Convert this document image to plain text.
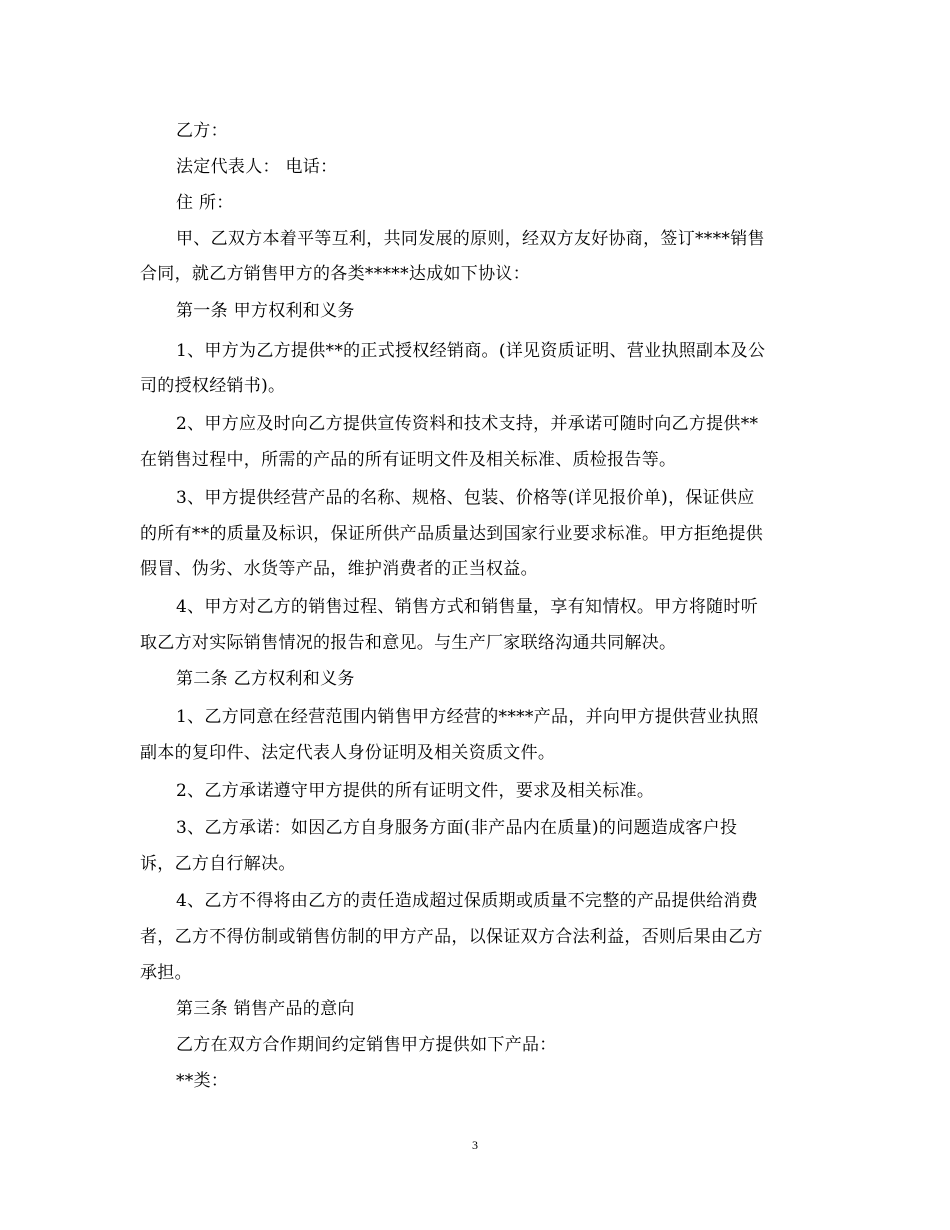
乙方：
法定代表人： 电话：
住 所：
甲、乙双方本着平等互利，共同发展的原则，经双方友好协商，签订****销售
合同，就乙方销售甲方的各类*****达成如下协议：
第一条 甲方权利和义务
1、甲方为乙方提供**的正式授权经销商。(详见资质证明、营业执照副本及公
司的授权经销书)。
2、甲方应及时向乙方提供宣传资料和技术支持，并承诺可随时向乙方提供**
在销售过程中，所需的产品的所有证明文件及相关标准、质检报告等。
3、甲方提供经营产品的名称、规格、包装、价格等(详见报价单)，保证供应
的所有**的质量及标识，保证所供产品质量达到国家行业要求标准。甲方拒绝提供
假冒、伪劣、水货等产品，维护消费者的正当权益。
4、甲方对乙方的销售过程、销售方式和销售量，享有知情权。甲方将随时听
取乙方对实际销售情况的报告和意见。与生产厂家联络沟通共同解决。
第二条 乙方权利和义务
1、乙方同意在经营范围内销售甲方经营的****产品，并向甲方提供营业执照
副本的复印件、法定代表人身份证明及相关资质文件。
2、乙方承诺遵守甲方提供的所有证明文件，要求及相关标准。
3、乙方承诺：如因乙方自身服务方面(非产品内在质量)的问题造成客户投
诉，乙方自行解决。
4、乙方不得将由乙方的责任造成超过保质期或质量不完整的产品提供给消费
者，乙方不得仿制或销售仿制的甲方产品，以保证双方合法利益，否则后果由乙方
承担。
第三条 销售产品的意向
乙方在双方合作期间约定销售甲方提供如下产品：
**类：
3
